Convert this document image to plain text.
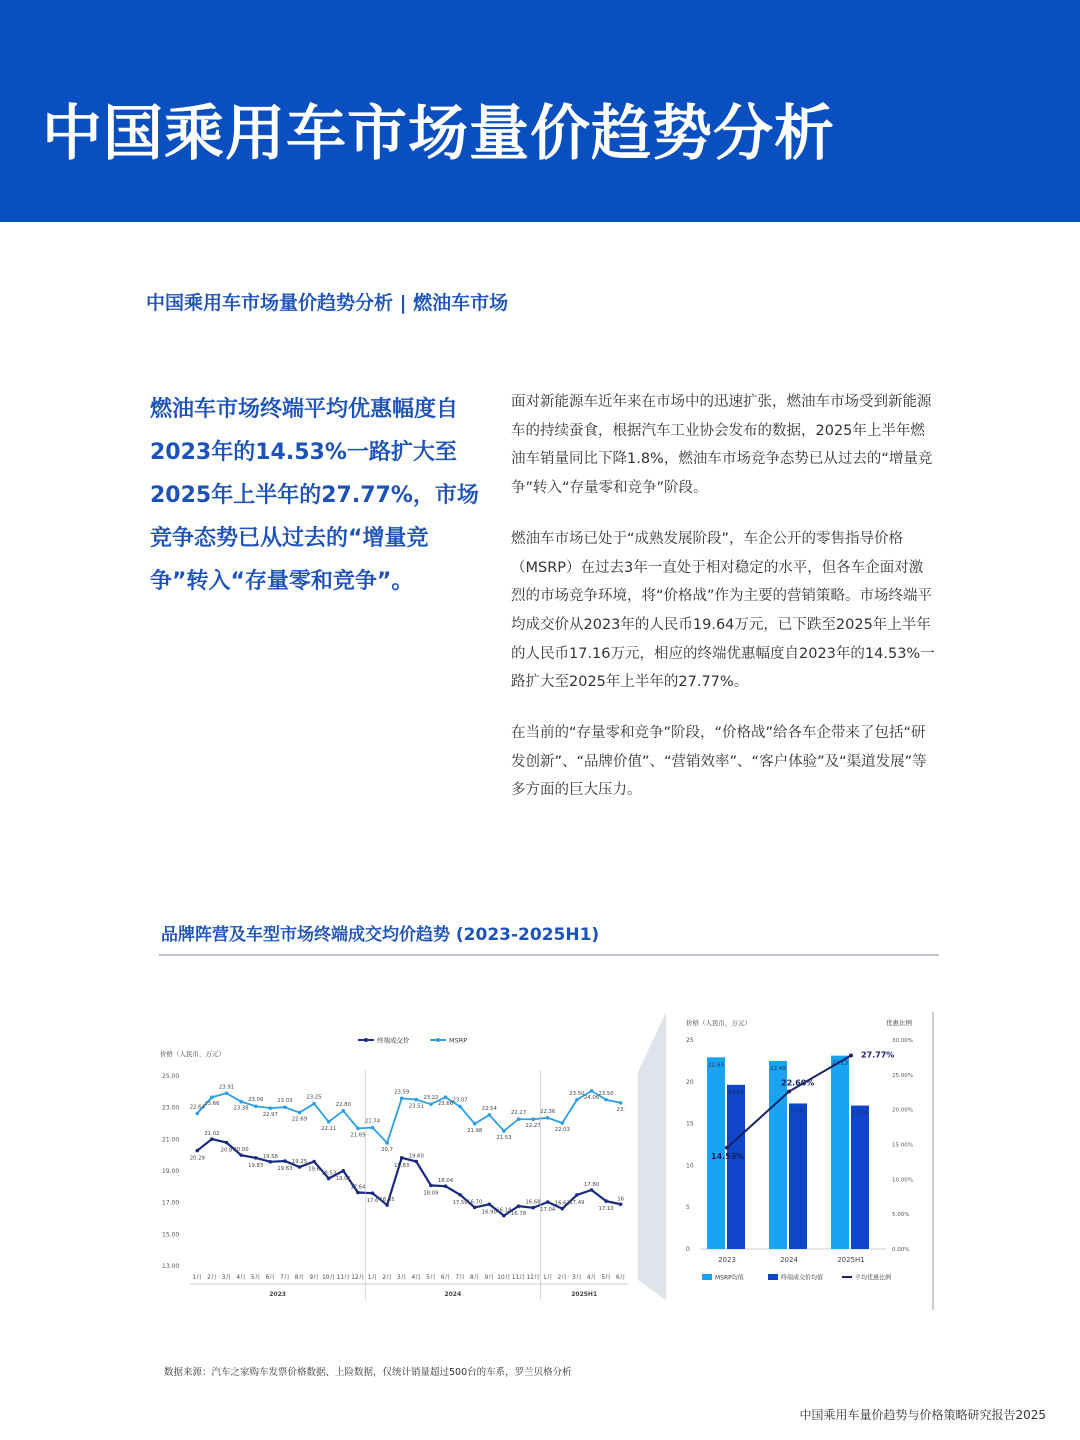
中国乘用车市场量价趋势分析
中国乘用车市场量价趋势分析 | 燃油车市场
燃油车市场终端平均优惠幅度自2023年的14.53%一路扩大至2025年上半年的27.77%，市场竞争态势已从过去的“增量竞争”转入“存量零和竞争”。

面对新能源车近年来在市场中的迅速扩张，燃油车市场受到新能源车的持续蚕食，根据汽车工业协会发布的数据，2025年上半年燃油车销量同比下降1.8%，燃油车市场竞争态势已从过去的“增量竞争”转入“存量零和竞争”阶段。

燃油车市场已处于“成熟发展阶段”，车企公开的零售指导价格（MSRP）在过去3年一直处于相对稳定的水平，但各车企面对激烈的市场竞争环境，将“价格战”作为主要的营销策略。市场终端平均成交价从2023年的人民币19.64万元，已下跌至2025年上半年的人民币17.16万元，相应的终端优惠幅度自2023年的14.53%一路扩大至2025年上半年的27.77%。

在当前的“存量零和竞争”阶段，“价格战”给各车企带来了包括“研发创新”、“品牌价值”、“营销效率”、“客户体验”及“渠道发展”等多方面的巨大压力。

品牌阵营及车型市场终端成交均价趋势 (2023-2025H1)
价格（人民币，万元）
25.00
23.00
21.00
19.00
17.00
15.00
13.00
终端成交价	MSRP
22.64
23.66
23.91
23.38
23.09
22.97
23.03
22.69
23.25
22.11
22.80
21.69
21.74
20.7
23.59
23.51
23.22
23.66
23.07
21.98
22.54
21.53
22.27
22.27
22.36
22.03
23.50
24.06
23.50
23.
20.29
21.02
20.8 20.00
19.83
19.58
19.63
19.25
19.6
18.53
19.01
17.64
17.6 16.85
19.83
19.60
18.09
18.04
17.50 16.70
16.90 16.18
16.78
16.68
17.04
16.62 17.49
17.80
17.10
16
1月 2月 3月 4月 5月 6月 7月 8月 9月 10月 11月 12月 1月 2月 3月 4月 5月 6月 7月 8月 9月 10月 11月 12月 1月 2月 3月 4月 5月 6月
2023	2024	2025H1
价格（人民币，万元）	优惠比例
25
20
15
10
5
0
30.00%
25.00%
20.00%
15.00%
10.00%
5.00%
0.00%
22.93
19.64
2023
22.49
17.41
2024
23.13
17.16
2025H1
14.53%
22.60%
27.77%
MSRP均值	终端成交价均值	平均优惠比例
数据来源：汽车之家购车发票价格数据、上险数据，仅统计销量超过500台的车系，罗兰贝格分析
中国乘用车量价趋势与价格策略研究报告2025
